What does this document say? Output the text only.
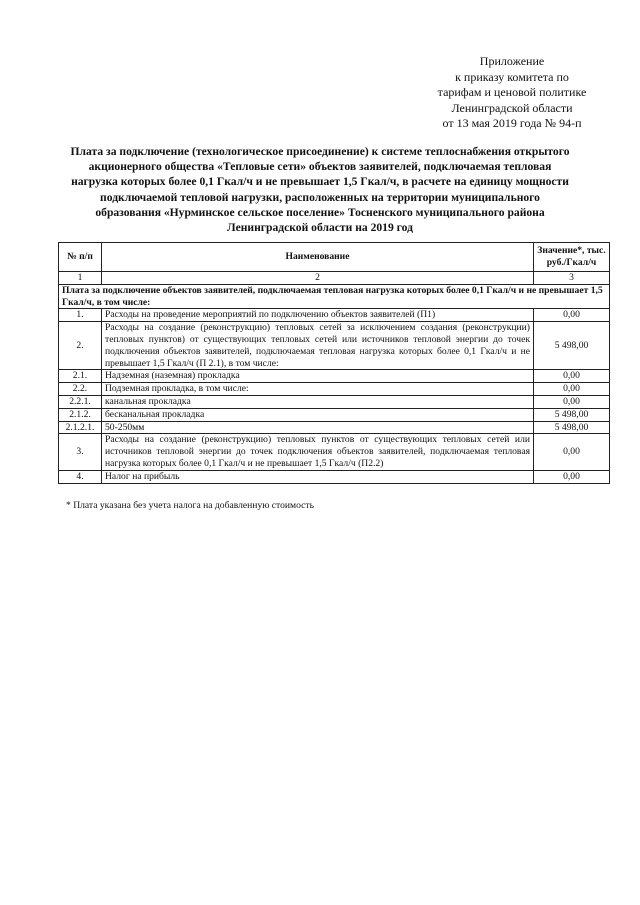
Приложение
к приказу комитета по
тарифам и ценовой политике
Ленинградской области
от 13 мая 2019 года № 94-п
Плата за подключение (технологическое присоединение) к системе теплоснабжения открытого
акционерного общества «Тепловые сети» объектов заявителей, подключаемая тепловая
нагрузка которых более 0,1 Гкал/ч и не превышает 1,5 Гкал/ч, в расчете на единицу мощности
подключаемой тепловой нагрузки, расположенных на территории муниципального
образования «Нурминское сельское поселение» Тосненского муниципального района
Ленинградской области на 2019 год
№ п/п	Наименование	Значение*, тыс. руб./Гкал/ч
1	2	3
Плата за подключение объектов заявителей, подключаемая тепловая нагрузка которых более 0,1 Гкал/ч и не превышает 1,5 Гкал/ч, в том числе:		
1.	Расходы на проведение мероприятий по подключению объектов заявителей (П1)	0,00
2.	Расходы на создание (реконструкцию) тепловых сетей за исключением создания (реконструкции) тепловых пунктов) от существующих тепловых сетей или источников тепловой энергии до точек подключения объектов заявителей, подключаемая тепловая нагрузка которых более 0,1 Гкал/ч и не превышает 1,5 Гкал/ч (П 2.1), в том числе:	5 498,00
2.1.	Надземная (наземная) прокладка	0,00
2.2.	Подземная прокладка, в том числе:	0,00
2.2.1.	канальная прокладка	0,00
2.1.2.	бесканальная прокладка	5 498,00
2.1.2.1.	50-250мм	5 498,00
3.	Расходы на создание (реконструкцию) тепловых пунктов от существующих тепловых сетей или источников тепловой энергии до точек подключения объектов заявителей, подключаемая тепловая нагрузка которых более 0,1 Гкал/ч и не превышает 1,5 Гкал/ч (П2.2)	0,00
4.	Налог на прибыль	0,00
* Плата указана без учета налога на добавленную стоимость
